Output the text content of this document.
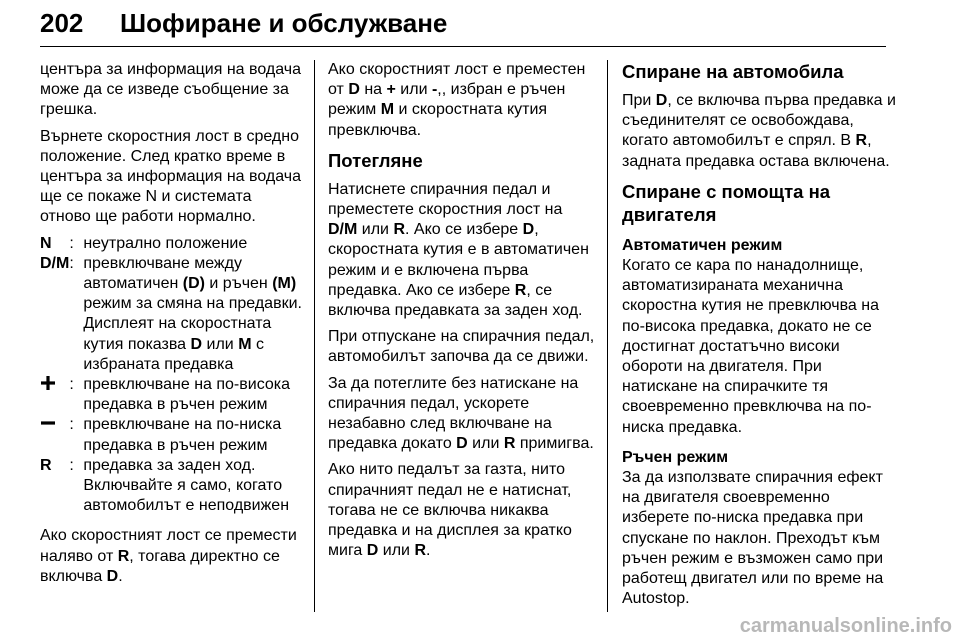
202 Шофиране и обслужване

центъра за информация на водача може да се изведе съобщение за грешка.

Върнете скоростния лост в средно положение. След кратко време в центъра за информация на водача ще се покаже N и системата отново ще работи нормално.

N	:	неутрално положение
D/M	:	превключване между автоматичен (D) и ръчен (M) режим за смяна на предавки. Дисплеят на скоростната кутия показва D или M с избраната предавка
	:	превключване на по-висока предавка в ръчен режим
	:	превключване на по-ниска предавка в ръчен режим
R	:	предавка за заден ход. Включвайте я само, когато автомобилът е неподвижен

Ако скоростният лост се премести наляво от R, тогава директно се включва D.

Ако скоростният лост е преместен от D на + или -,, избран е ръчен режим M и скоростната кутия превключва.

Потегляне

Натиснете спирачния педал и преместете скоростния лост на D/M или R. Ако се избере D, скоростната кутия е в автоматичен режим и е включена първа предавка. Ако се избере R, се включва предавката за заден ход.

При отпускане на спирачния педал, автомобилът започва да се движи.

За да потеглите без натискане на спирачния педал, ускорете незабавно след включване на предавка докато D или R примигва.

Ако нито педалът за газта, нито спирачният педал не е натиснат, тогава не се включва никаква предавка и на дисплея за кратко мига D или R.

Спиране на автомобила

При D, се включва първа предавка и съединителят се освобождава, когато автомобилът е спрял. В R, задната предавка остава включена.

Спиране с помощта на двигателя
Автоматичен режим

Когато се кара по нанадолнище, автоматизираната механична скоростна кутия не превключва на по-висока предавка, докато не се достигнат достатъчно високи обороти на двигателя. При натискане на спирачките тя своевременно превключва на по-ниска предавка.

Ръчен режим

За да използвате спирачния ефект на двигателя своевременно изберете по-ниска предавка при спускане по наклон. Преходът към ръчен режим е възможен само при работещ двигател или по време на Autostop.

carmanualsonline.info
